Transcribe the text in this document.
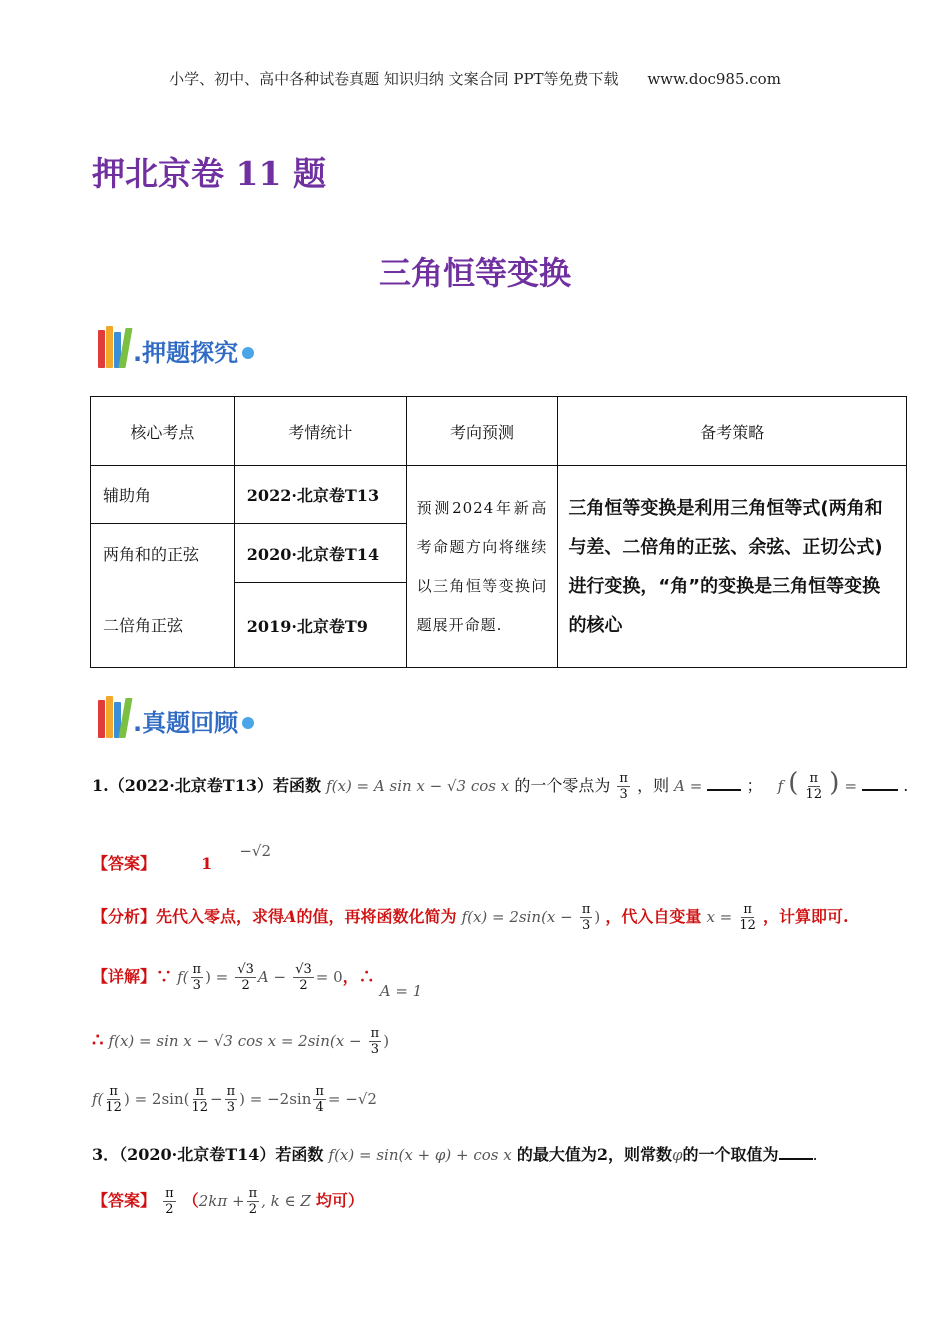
小学、初中、高中各种试卷真题 知识归纳 文案合同 PPT等免费下载 www.doc985.com
押北京卷 11 题
三角恒等变换
.押题探究
核心考点	考情统计	考向预测	备考策略
辅助角	2022·北京卷T13	预测2024年新高考命题方向将继续以三角恒等变换问题展开命题.	三角恒等变换是利用三角恒等式(两角和与差、二倍角的正弦、余弦、正切公式)进行变换，“角”的变换是三角恒等变换的核心
两角和的正弦	2020·北京卷T14		
二倍角正弦	2019·北京卷T9		
.真题回顾
1.（2022·北京卷T13）若函数 f(x) = A sin x − √3 cos x 的一个零点为 $\frac{\pi}{3}$ ，则 A =	； f ( $\frac{\pi}{12}$ ) =	.
【答案】	1 −√2
【分析】先代入零点，求得A的值，再将函数化简为 $f(x) = 2\sin(x - \frac{\pi}{3}$ ) ，代入自变量 $x = \frac{\pi}{12}$ ，计算即可.
【详解】∵ $f( \frac{\pi}{3}$ ) = $\frac{√3}{2}$ $A - \frac{√3}{2} = 0$，∴ A = 1
∴ f(x) = sin x − √3 $\cos x = 2\sin(x - \frac{\pi}{3}$ )
$f( \frac{\pi}{12}$ ) = $2\sin( \frac{\pi}{12} - \frac{\pi}{3}$ ) = $-2\sin \frac{\pi}{4} = -√2$
3．（2020·北京卷T14）若函数 f(x) = sin(x + φ) + cos x 的最大值为2，则常数φ的一个取值为 .
【答案】 $\frac{\pi}{2} (2k\pi + \frac{\pi}{2}$ , k ∈ Z 均可）
